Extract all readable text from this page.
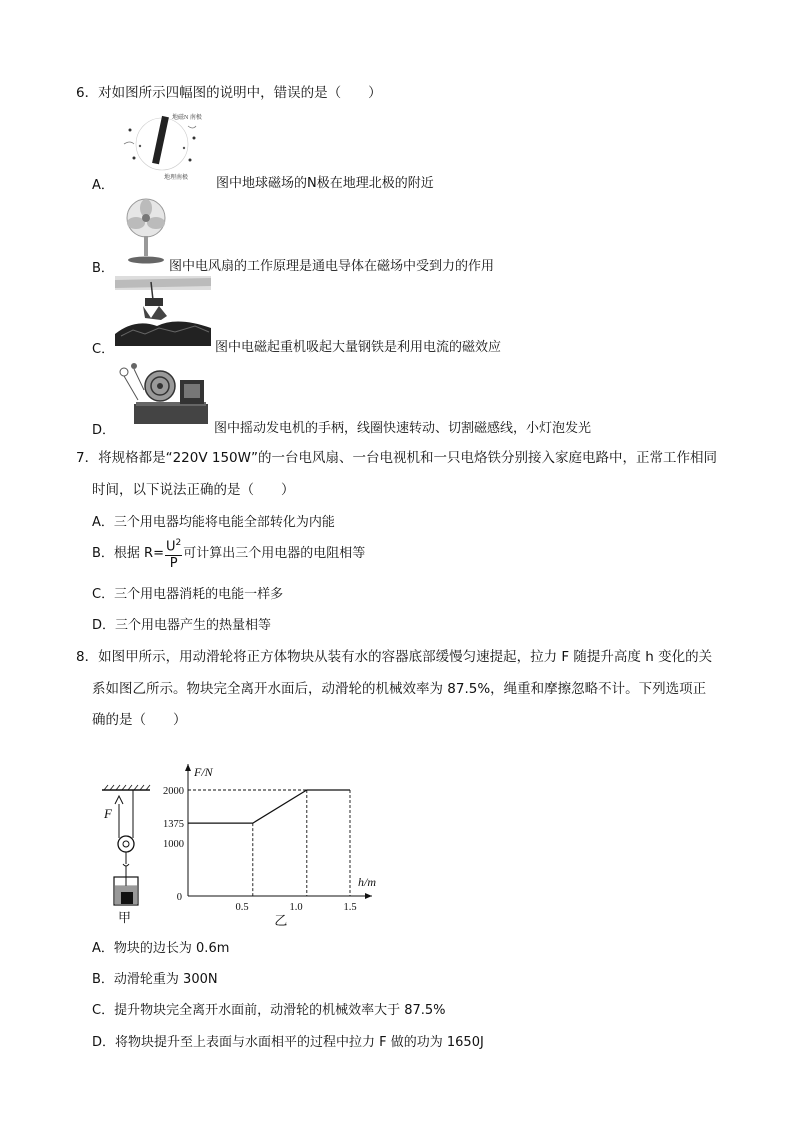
6．对如图所示四幅图的说明中，错误的是（　　）
地磁N 南极
地理南极
A．	图中地球磁场的N极在地理北极的附近
B．	图中电风扇的工作原理是通电导体在磁场中受到力的作用
C．	图中电磁起重机吸起大量钢铁是利用电流的磁效应
D．	图中摇动发电机的手柄，线圈快速转动、切割磁感线，小灯泡发光
7．将规格都是“220V 150W”的一台电风扇、一台电视机和一只电烙铁分别接入家庭电路中，正常工作相同
时间，以下说法正确的是（　　）
A．三个用电器均能将电能全部转化为内能
B．根据 $R= \frac{U^2}{P}$ 可计算出三个用电器的电阻相等
C．三个用电器消耗的电能一样多
D．三个用电器产生的热量相等
8．如图甲所示，用动滑轮将正方体物块从装有水的容器底部缓慢匀速提起，拉力 F 随提升高度 h 变化的关
系如图乙所示。物块完全离开水面后，动滑轮的机械效率为 87.5%，绳重和摩擦忽略不计。下列选项正
确的是（　　）
F
甲
F/N
h/m
1000
1375
2000
0
0.5	1.0	1.5
乙
A．物块的边长为 0.6m
B．动滑轮重为 300N
C．提升物块完全离开水面前，动滑轮的机械效率大于 87.5%
D．将物块提升至上表面与水面相平的过程中拉力 F 做的功为 1650J
